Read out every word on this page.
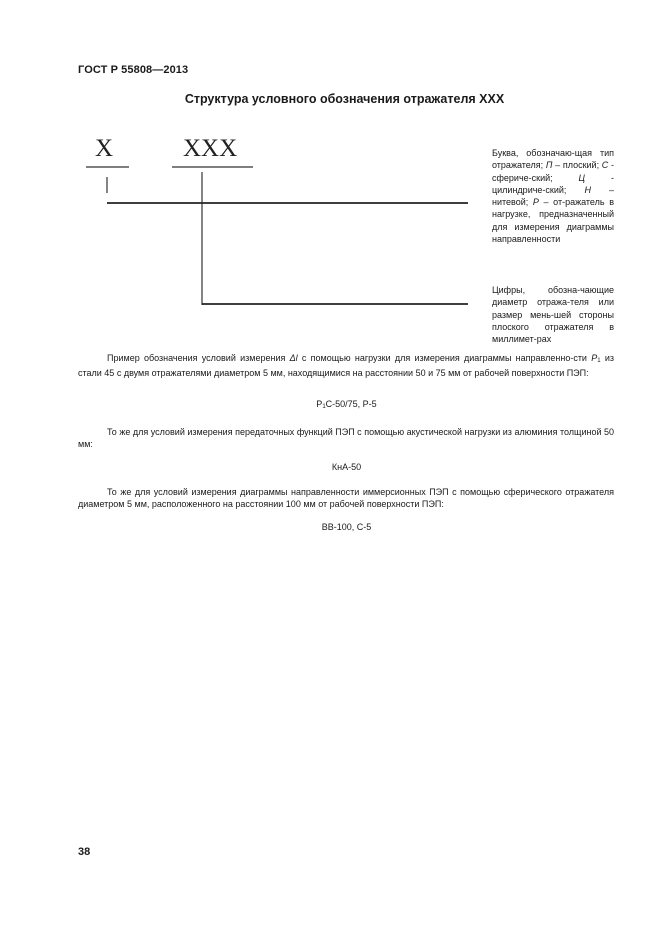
ГОСТ Р 55808—2013
Структура условного обозначения отражателя ХХХ
X	XXX	Буква, обозначаю-щая тип отражателя; П – плоский; С - сфериче-ский; Ц - цилиндриче-ский; Н – нитевой; Р – от-ражатель в нагрузке, предназначенный для измерения диаграммы направленности
Цифры, обозна-чающие диаметр отража-теля или размер мень-шей стороны плоского отражателя в миллимет-рах
Пример обозначения условий измерения Δl с помощью нагрузки для измерения диаграммы направленно-сти $Р_1$ из стали 45 с двумя отражателями диаметром 5 мм, находящимися на расстоянии 50 и 75 мм от рабочей поверхности ПЭП:
$Р_1С-50/75$, Р-5
То же для условий измерения передаточных функций ПЭП с помощью акустической нагрузки из алюминия толщиной 50 мм:
КнА-50
То же для условий измерения диаграммы направленности иммерсионных ПЭП с помощью сферического отражателя диаметром 5 мм, расположенного на расстоянии 100 мм от рабочей поверхности ПЭП:
ВВ-100, С-5
38
